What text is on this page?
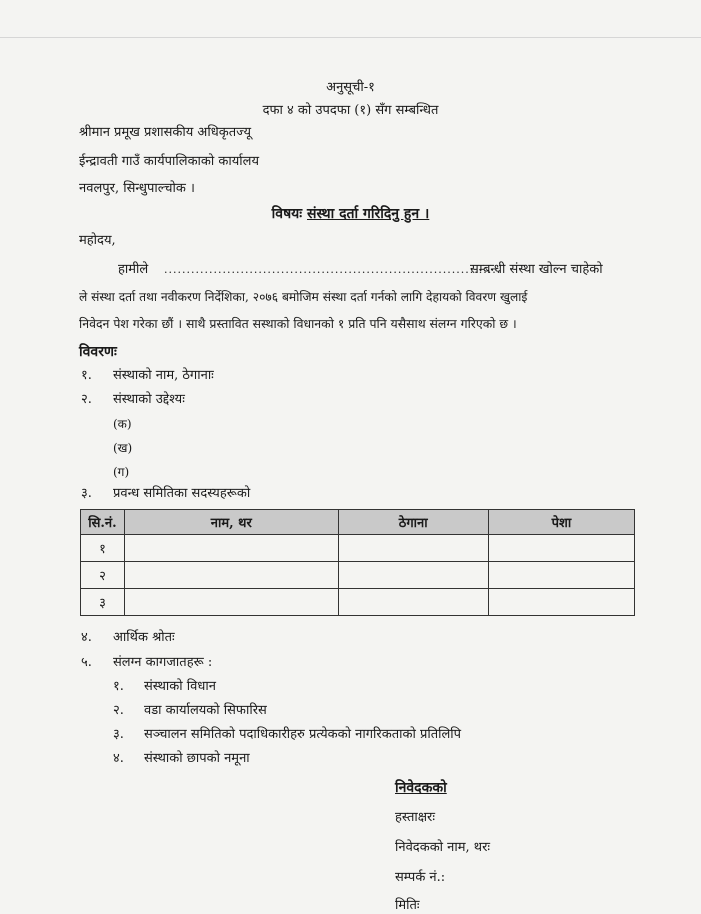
अनुसूची-१
दफा ४ को उपदफा (१) सँग सम्बन्धित
श्रीमान प्रमूख प्रशासकीय अधिकृतज्यू
ईन्द्रावती गाउँ कार्यपालिकाको कार्यालय
नवलपुर, सिन्धुपाल्चोक ।
विषयः संस्था दर्ता गरिदिनु हुन ।
महोदय,
हामीले ...........................................................................
सम्बन्धी संस्था खोल्न चाहेको
ले संस्था दर्ता तथा नवीकरण निर्देशिका, २०७६ बमोजिम संस्था दर्ता गर्नको लागि देहायको विवरण खुलाई
निवेदन पेश गरेका छौं । साथै प्रस्तावित सस्थाको विधानको १ प्रति पनि यसैसाथ संलग्न गरिएको छ ।
विवरणः
१. संस्थाको नाम, ठेगानाः
२. संस्थाको उद्देश्यः
(क)
(ख)
(ग)
३. प्रवन्ध समितिका सदस्यहरूको
सि.नं.	नाम, थर	ठेगाना	पेशा
१			
२			
३			
४. आर्थिक श्रोतः
५. संलग्न कागजातहरू :
१. संस्थाको विधान
२. वडा कार्यालयको सिफारिस
३. सञ्चालन समितिको पदाधिकारीहरु प्रत्येकको नागरिकताको प्रतिलिपि
४. संस्थाको छापको नमूना
निवेदकको
हस्ताक्षरः
निवेदकको नाम, थरः
सम्पर्क नं.:
मितिः
